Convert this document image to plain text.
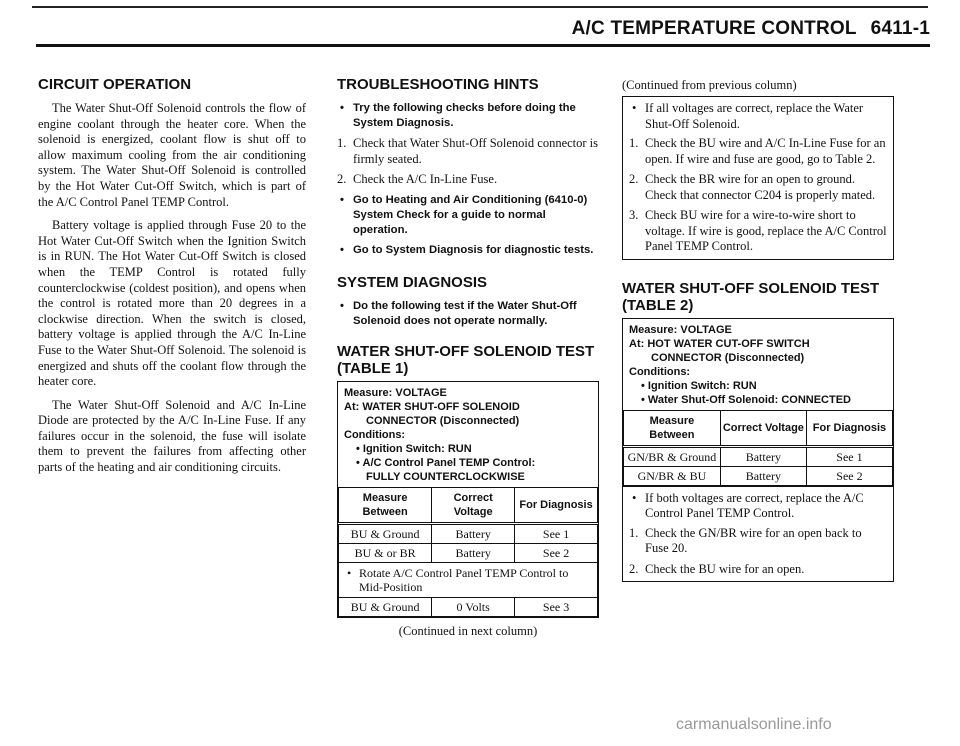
A/C TEMPERATURE CONTROL 6411-1
CIRCUIT OPERATION

The Water Shut-Off Solenoid controls the flow of engine coolant through the heater core. When the solenoid is energized, coolant flow is shut off to allow maximum cooling from the air conditioning system. The Water Shut-Off Solenoid is controlled by the Hot Water Cut-Off Switch, which is part of the A/C Control Panel TEMP Control.

Battery voltage is applied through Fuse 20 to the Hot Water Cut-Off Switch when the Ignition Switch is in RUN. The Hot Water Cut-Off Switch is closed when the TEMP Control is rotated fully counterclockwise (coldest position), and opens when the control is rotated more than 20 degrees in a clockwise direction. When the switch is closed, battery voltage is applied through the A/C In-Line Fuse to the Water Shut-Off Solenoid. The solenoid is energized and shuts off the coolant flow through the heater core.

The Water Shut-Off Solenoid and A/C In-Line Diode are protected by the A/C In-Line Fuse. If any failures occur in the solenoid, the fuse will isolate them to prevent the failures from affecting other parts of the heating and air conditioning circuits.

TROUBLESHOOTING HINTS
• Try the following checks before doing the System Diagnosis.
1. Check that Water Shut-Off Solenoid connector is firmly seated.
2. Check the A/C In-Line Fuse.
• Go to Heating and Air Conditioning (6410-0) System Check for a guide to normal operation.
• Go to System Diagnosis for diagnostic tests.
SYSTEM DIAGNOSIS
• Do the following test if the Water Shut-Off Solenoid does not operate normally.
WATER SHUT-OFF SOLENOID TEST (TABLE 1)
Measure: VOLTAGE
At: WATER SHUT-OFF SOLENOID
CONNECTOR (Disconnected)
Conditions:
• Ignition Switch: RUN
• A/C Control Panel TEMP Control:
FULLY COUNTERCLOCKWISE
Measure Between	Correct Voltage	For Diagnosis
BU & Ground	Battery	See 1
BU & or BR	Battery	See 2

• Rotate A/C Control Panel TEMP Control to Mid-Position		
BU & Ground	0 Volts	See 3
(Continued in next column)
(Continued from previous column)
• If all voltages are correct, replace the Water Shut-Off Solenoid.
1. Check the BU wire and A/C In-Line Fuse for an open. If wire and fuse are good, go to Table 2.
2. Check the BR wire for an open to ground. Check that connector C204 is properly mated.
3. Check BU wire for a wire-to-wire short to voltage. If wire is good, replace the A/C Control Panel TEMP Control.
WATER SHUT-OFF SOLENOID TEST (TABLE 2)
Measure: VOLTAGE
At: HOT WATER CUT-OFF SWITCH
CONNECTOR (Disconnected)
Conditions:
• Ignition Switch: RUN
• Water Shut-Off Solenoid: CONNECTED
Measure Between	Correct Voltage	For Diagnosis
GN/BR & Ground	Battery	See 1
GN/BR & BU	Battery	See 2
• If both voltages are correct, replace the A/C Control Panel TEMP Control.
1. Check the GN/BR wire for an open back to Fuse 20.
2. Check the BU wire for an open.
carmanualsonline.info
